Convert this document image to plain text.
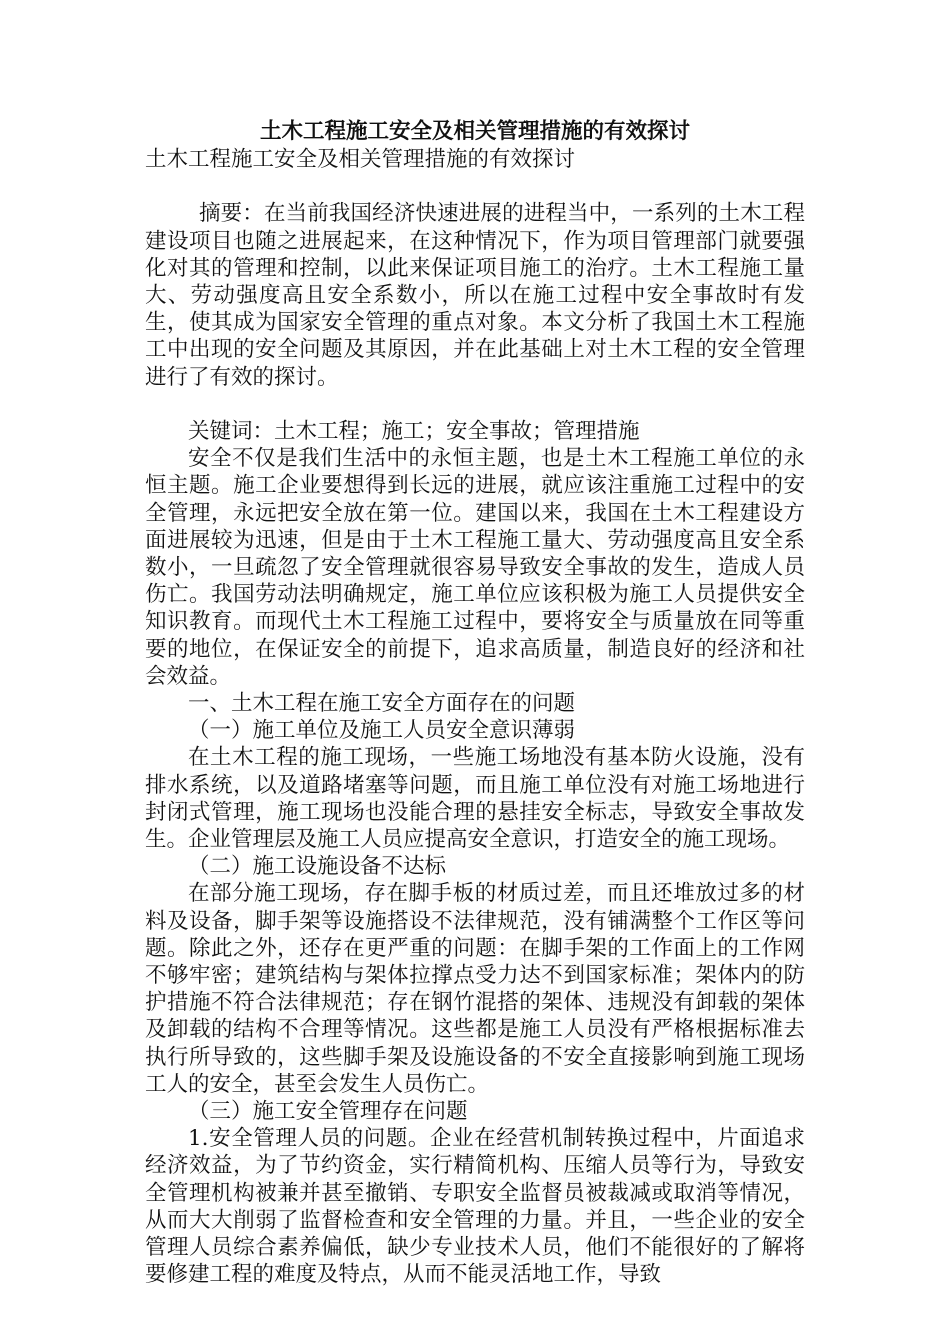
土木工程施工安全及相关管理措施的有效探讨

土木工程施工安全及相关管理措施的有效探讨

摘要：在当前我国经济快速进展的进程当中，一系列的土木工程建设项目也随之进展起来，在这种情况下，作为项目管理部门就要强化对其的管理和控制，以此来保证项目施工的治疗。土木工程施工量大、劳动强度高且安全系数小，所以在施工过程中安全事故时有发生，使其成为国家安全管理的重点对象。本文分析了我国土木工程施工中出现的安全问题及其原因，并在此基础上对土木工程的安全管理进行了有效的探讨。

关键词：土木工程；施工；安全事故；管理措施

安全不仅是我们生活中的永恒主题，也是土木工程施工单位的永恒主题。施工企业要想得到长远的进展，就应该注重施工过程中的安全管理，永远把安全放在第一位。建国以来，我国在土木工程建设方面进展较为迅速，但是由于土木工程施工量大、劳动强度高且安全系数小，一旦疏忽了安全管理就很容易导致安全事故的发生，造成人员伤亡。我国劳动法明确规定，施工单位应该积极为施工人员提供安全知识教育。而现代土木工程施工过程中，要将安全与质量放在同等重要的地位，在保证安全的前提下，追求高质量，制造良好的经济和社会效益。

一、土木工程在施工安全方面存在的问题

（一）施工单位及施工人员安全意识薄弱

在土木工程的施工现场，一些施工场地没有基本防火设施，没有排水系统，以及道路堵塞等问题，而且施工单位没有对施工场地进行封闭式管理，施工现场也没能合理的悬挂安全标志，导致安全事故发生。企业管理层及施工人员应提高安全意识，打造安全的施工现场。

（二）施工设施设备不达标

在部分施工现场，存在脚手板的材质过差，而且还堆放过多的材料及设备，脚手架等设施搭设不法律规范，没有铺满整个工作区等问题。除此之外，还存在更严重的问题：在脚手架的工作面上的工作网不够牢密；建筑结构与架体拉撑点受力达不到国家标准；架体内的防护措施不符合法律规范；存在钢竹混搭的架体、违规没有卸载的架体及卸载的结构不合理等情况。这些都是施工人员没有严格根据标准去执行所导致的，这些脚手架及设施设备的不安全直接影响到施工现场工人的安全，甚至会发生人员伤亡。

（三）施工安全管理存在问题

1.安全管理人员的问题。企业在经营机制转换过程中，片面追求经济效益，为了节约资金，实行精简机构、压缩人员等行为，导致安全管理机构被兼并甚至撤销、专职安全监督员被裁减或取消等情况，从而大大削弱了监督检查和安全管理的力量。并且，一些企业的安全管理人员综合素养偏低，缺少专业技术人员，他们不能很好的了解将要修建工程的难度及特点，从而不能灵活地工作，导致
